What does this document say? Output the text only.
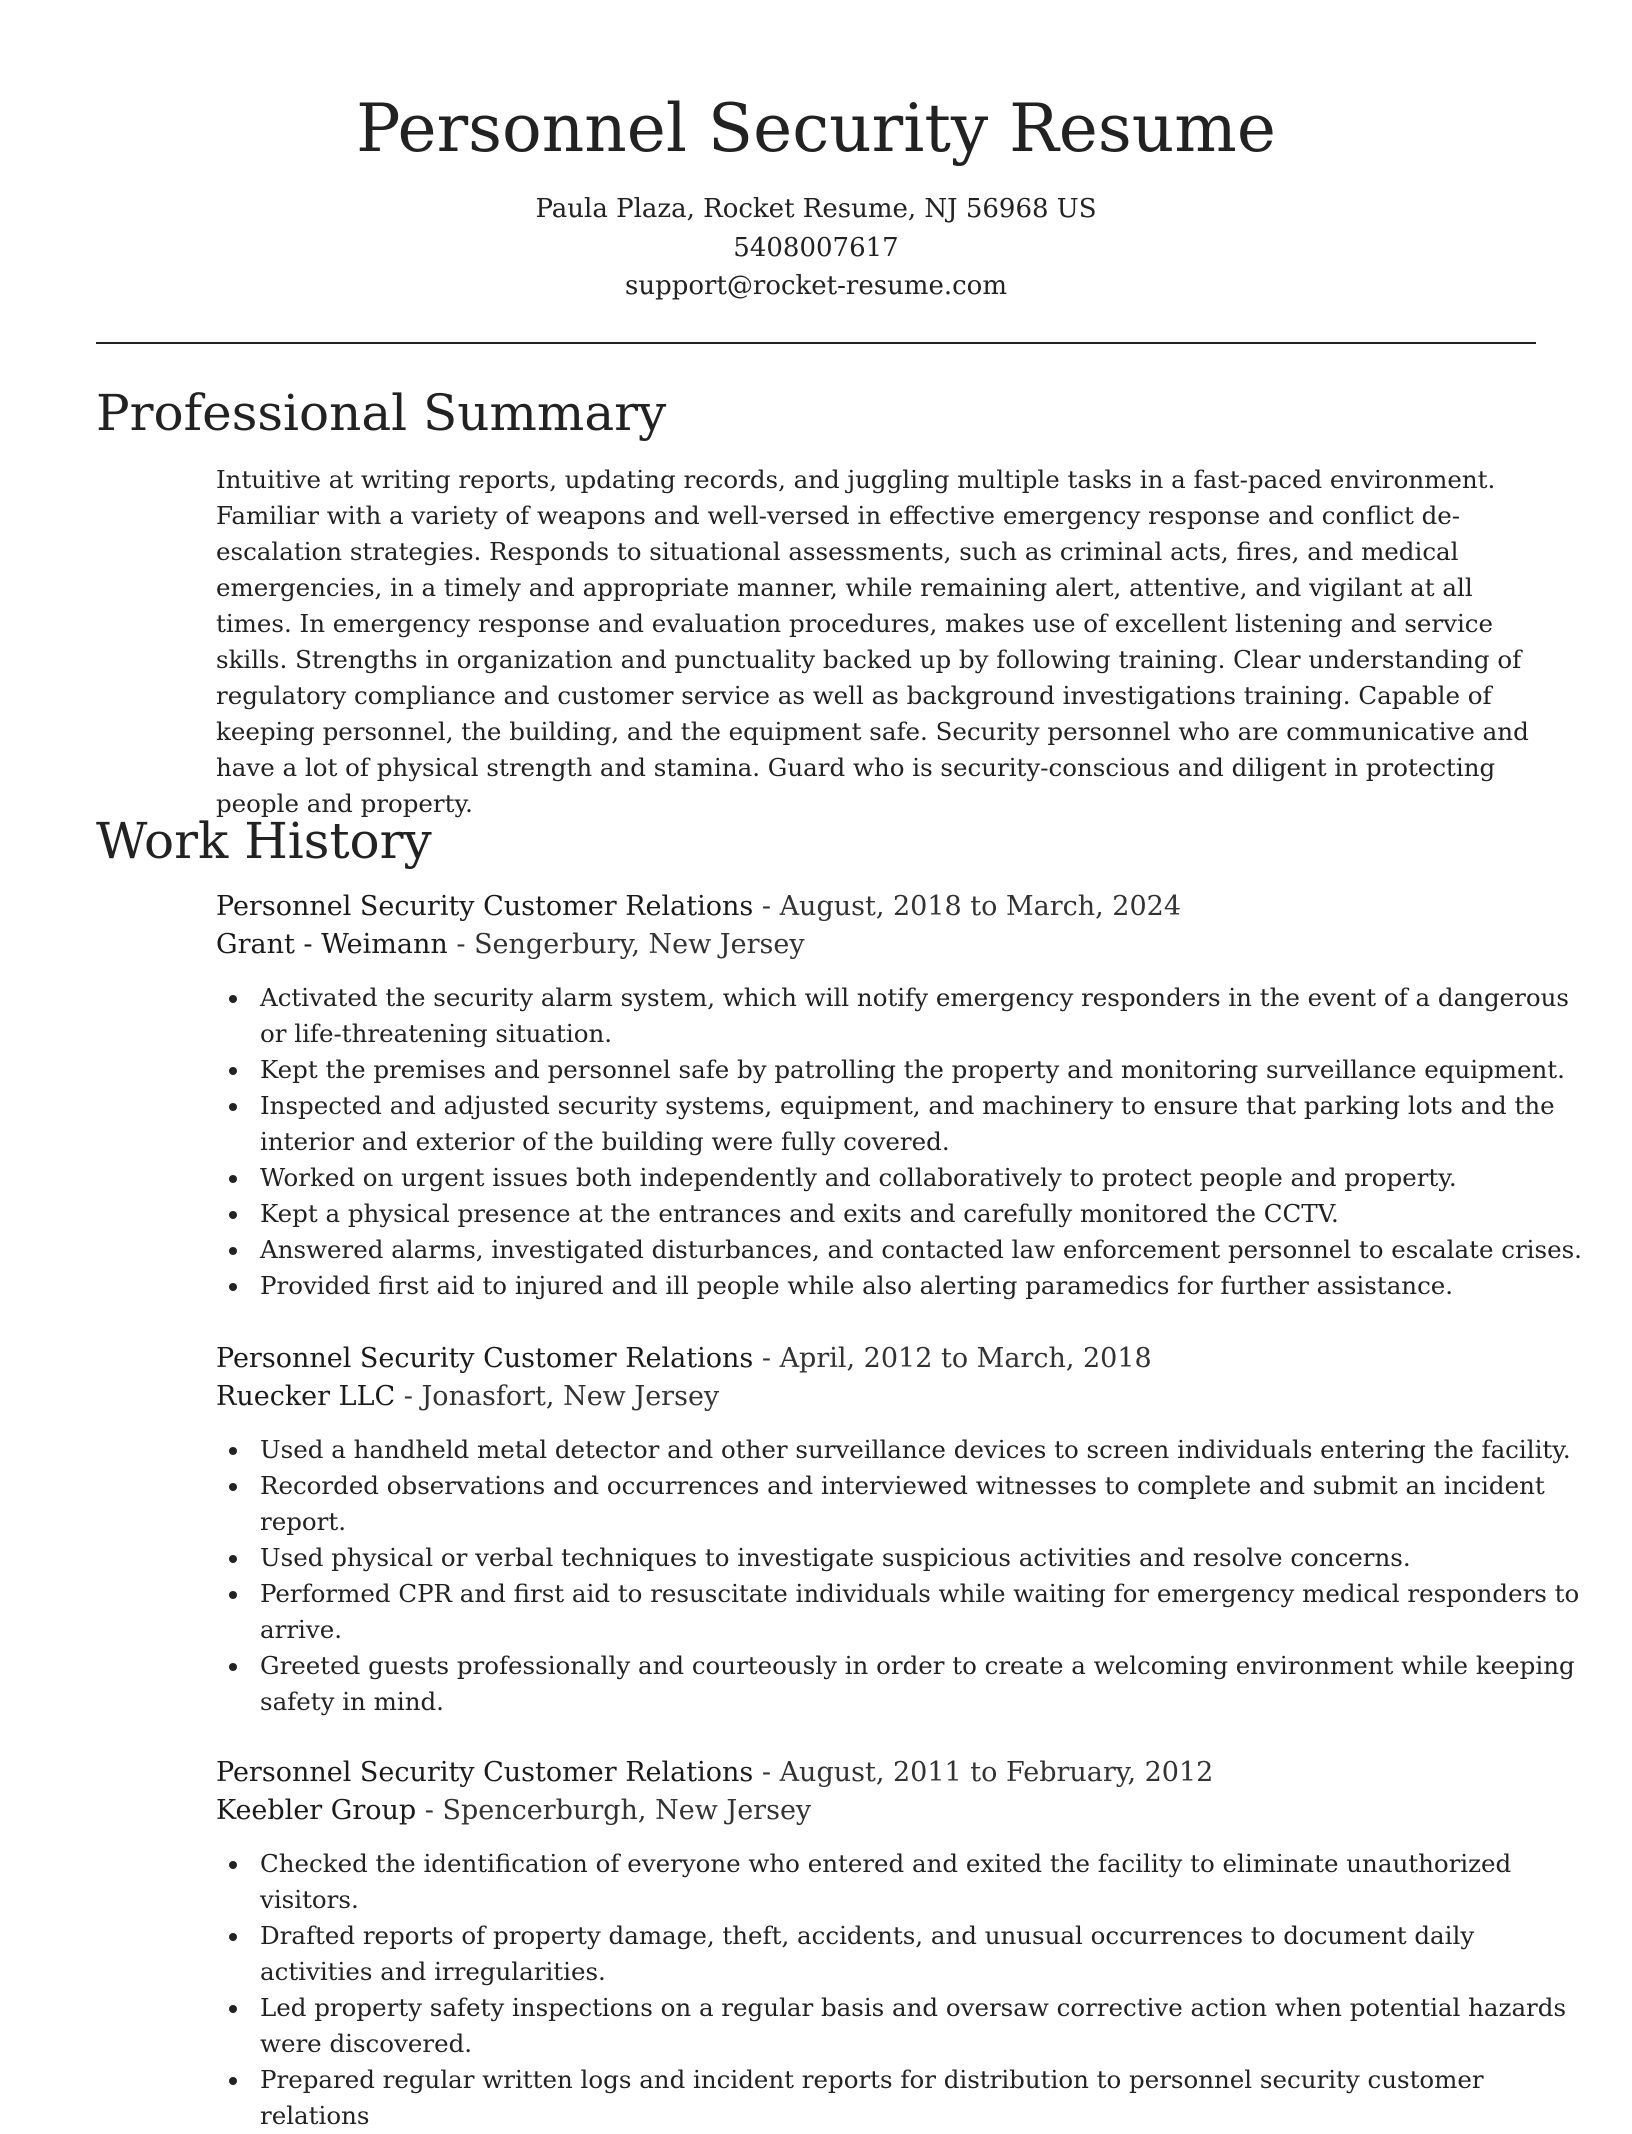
Personnel Security Resume
Paula Plaza, Rocket Resume, NJ 56968 US
5408007617
support@rocket-resume.com
Professional Summary

Intuitive at writing reports, updating records, and juggling multiple tasks in a fast-paced environment. Familiar with a variety of weapons and well-versed in effective emergency response and conflict de-escalation strategies. Responds to situational assessments, such as criminal acts, fires, and medical emergencies, in a timely and appropriate manner, while remaining alert, attentive, and vigilant at all times. In emergency response and evaluation procedures, makes use of excellent listening and service skills. Strengths in organization and punctuality backed up by following training. Clear understanding of regulatory compliance and customer service as well as background investigations training. Capable of keeping personnel, the building, and the equipment safe. Security personnel who are communicative and have a lot of physical strength and stamina. Guard who is security-conscious and diligent in protecting people and property.

Work History
Personnel Security Customer Relations - August, 2018 to March, 2024
Grant - Weimann - Sengerbury, New Jersey
Activated the security alarm system, which will notify emergency responders in the event of a dangerous or life-threatening situation.
Kept the premises and personnel safe by patrolling the property and monitoring surveillance equipment.
Inspected and adjusted security systems, equipment, and machinery to ensure that parking lots and the interior and exterior of the building were fully covered.
Worked on urgent issues both independently and collaboratively to protect people and property.
Kept a physical presence at the entrances and exits and carefully monitored the CCTV.
Answered alarms, investigated disturbances, and contacted law enforcement personnel to escalate crises.
Provided first aid to injured and ill people while also alerting paramedics for further assistance.
Personnel Security Customer Relations - April, 2012 to March, 2018
Ruecker LLC - Jonasfort, New Jersey
Used a handheld metal detector and other surveillance devices to screen individuals entering the facility.
Recorded observations and occurrences and interviewed witnesses to complete and submit an incident report.
Used physical or verbal techniques to investigate suspicious activities and resolve concerns.
Performed CPR and first aid to resuscitate individuals while waiting for emergency medical responders to arrive.
Greeted guests professionally and courteously in order to create a welcoming environment while keeping safety in mind.
Personnel Security Customer Relations - August, 2011 to February, 2012
Keebler Group - Spencerburgh, New Jersey
Checked the identification of everyone who entered and exited the facility to eliminate unauthorized visitors.
Drafted reports of property damage, theft, accidents, and unusual occurrences to document daily activities and irregularities.
Led property safety inspections on a regular basis and oversaw corrective action when potential hazards were discovered.
Prepared regular written logs and incident reports for distribution to personnel security customer relations
